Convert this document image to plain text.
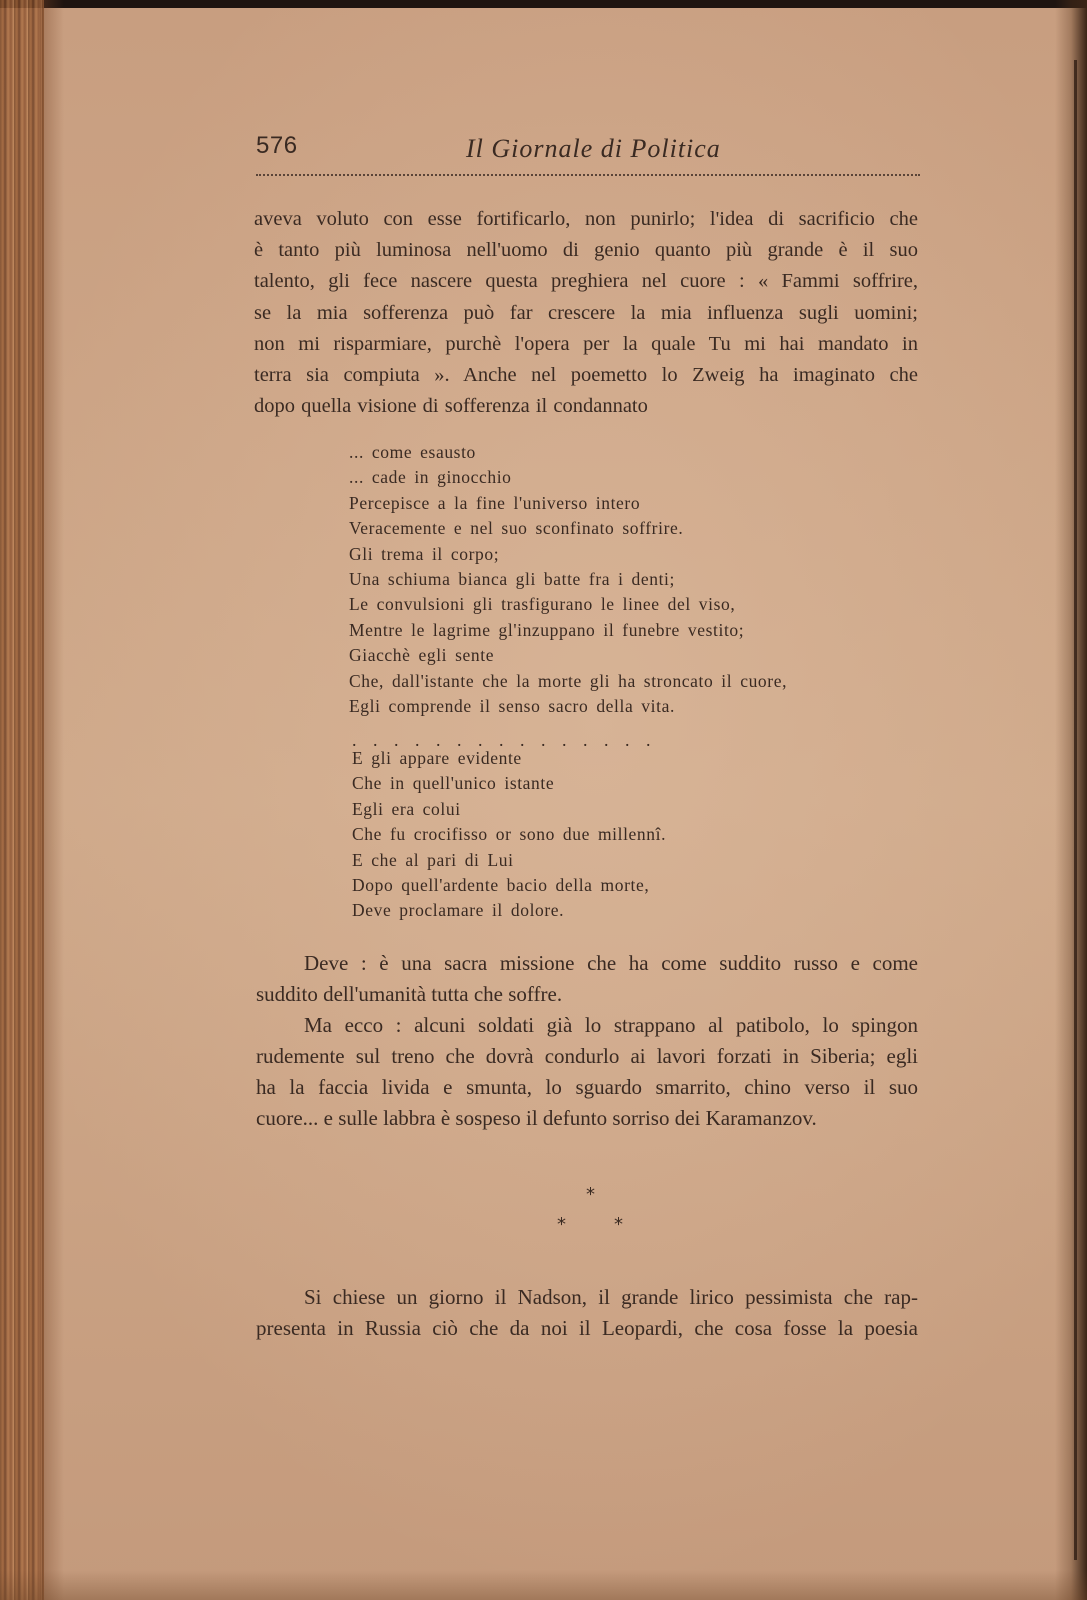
576	Il Giornale di Politica
aveva voluto con esse fortificarlo, non punirlo; l'idea di sacrificio che
è tanto più luminosa nell'uomo di genio quanto più grande è il suo
talento, gli fece nascere questa preghiera nel cuore : « Fammi soffrire,
se la mia sofferenza può far crescere la mia influenza sugli uomini;
non mi risparmiare, purchè l'opera per la quale Tu mi hai mandato in
terra sia compiuta ». Anche nel poemetto lo Zweig ha imaginato che
dopo quella visione di sofferenza il condannato
... come esausto
... cade in ginocchio
Percepisce a la fine l'universo intero
Veracemente e nel suo sconfinato soffrire.
Gli trema il corpo;
Una schiuma bianca gli batte fra i denti;
Le convulsioni gli trasfigurano le linee del viso,
Mentre le lagrime gl'inzuppano il funebre vestito;
Giacchè egli sente
Che, dall'istante che la morte gli ha stroncato il cuore,
Egli comprende il senso sacro della vita.
...............
E gli appare evidente
Che in quell'unico istante
Egli era colui
Che fu crocifisso or sono due millennî.
E che al pari di Lui
Dopo quell'ardente bacio della morte,
Deve proclamare il dolore.
Deve : è una sacra missione che ha come suddito russo e come
suddito dell'umanità tutta che soffre.
Ma ecco : alcuni soldati già lo strappano al patibolo, lo spingon
rudemente sul treno che dovrà condurlo ai lavori forzati in Siberia; egli
ha la faccia livida e smunta, lo sguardo smarrito, chino verso il suo
cuore... e sulle labbra è sospeso il defunto sorriso dei Karamanzov.
*
*	*
Si chiese un giorno il Nadson, il grande lirico pessimista che rap-
presenta in Russia ciò che da noi il Leopardi, che cosa fosse la poesia
